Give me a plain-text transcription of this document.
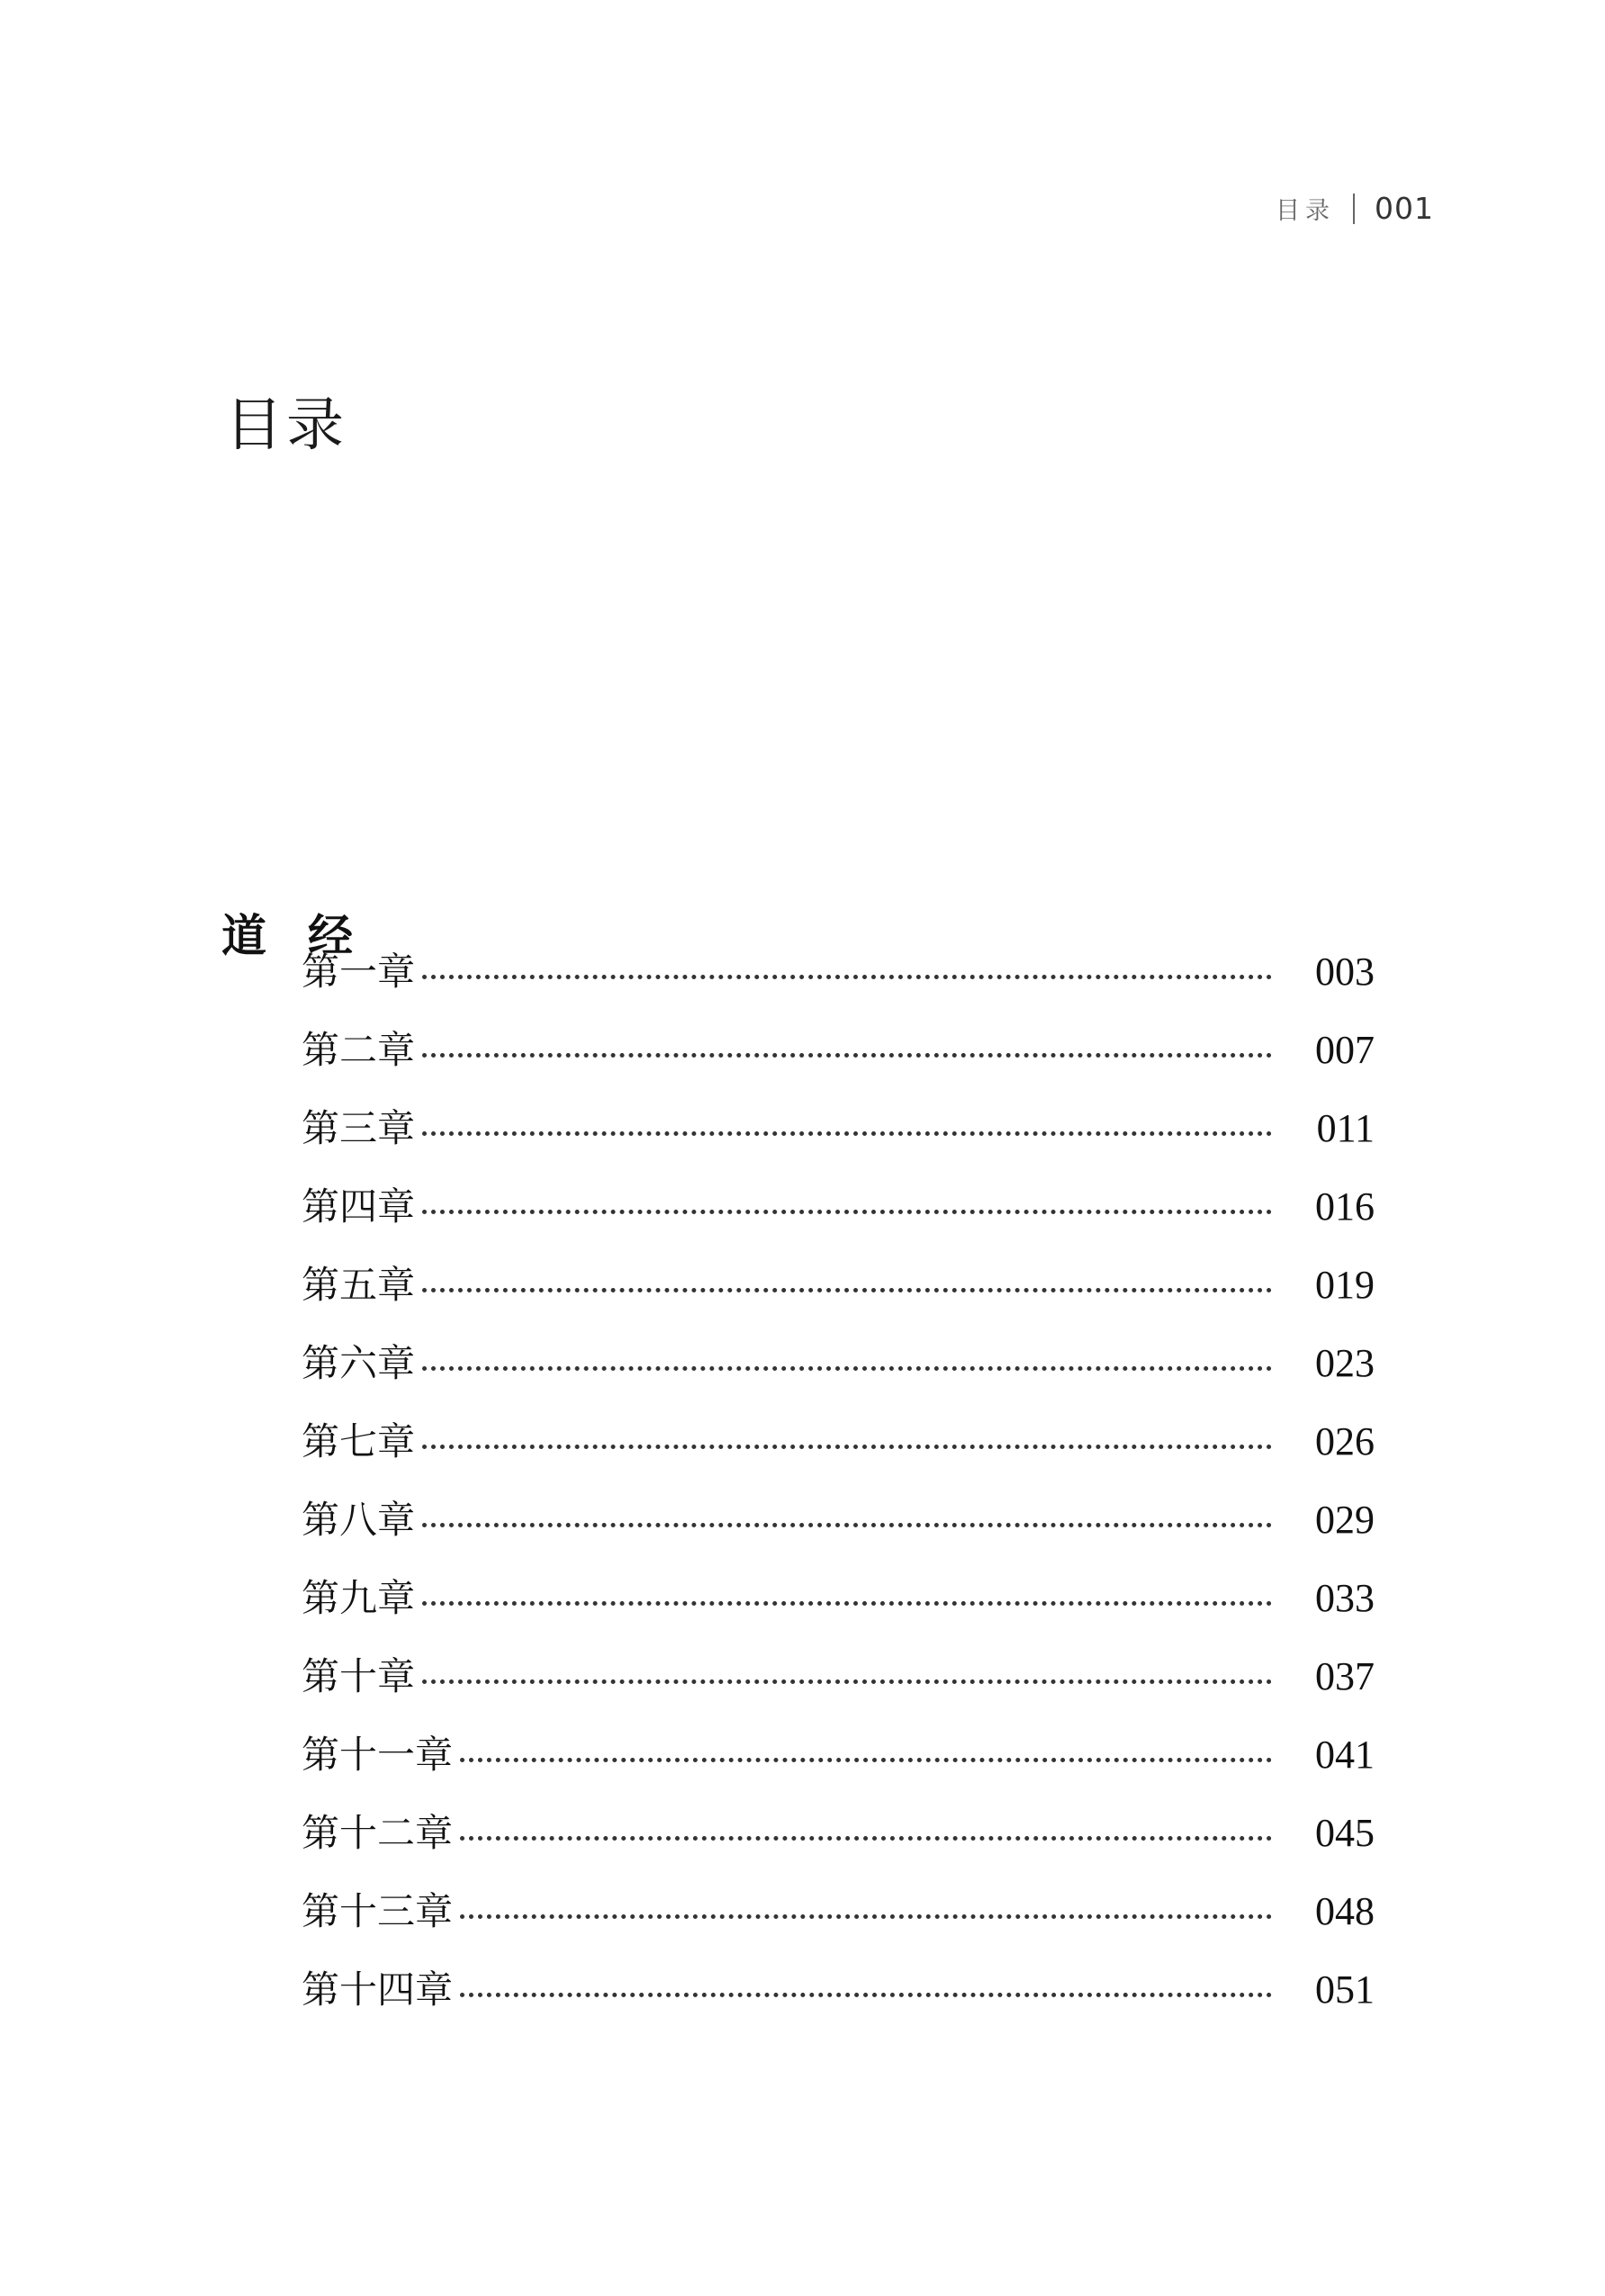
目录 001
目录
道经
第一章	003
第二章	007
第三章	011
第四章	016
第五章	019
第六章	023
第七章	026
第八章	029
第九章	033
第十章	037
第十一章	041
第十二章	045
第十三章	048
第十四章	051
